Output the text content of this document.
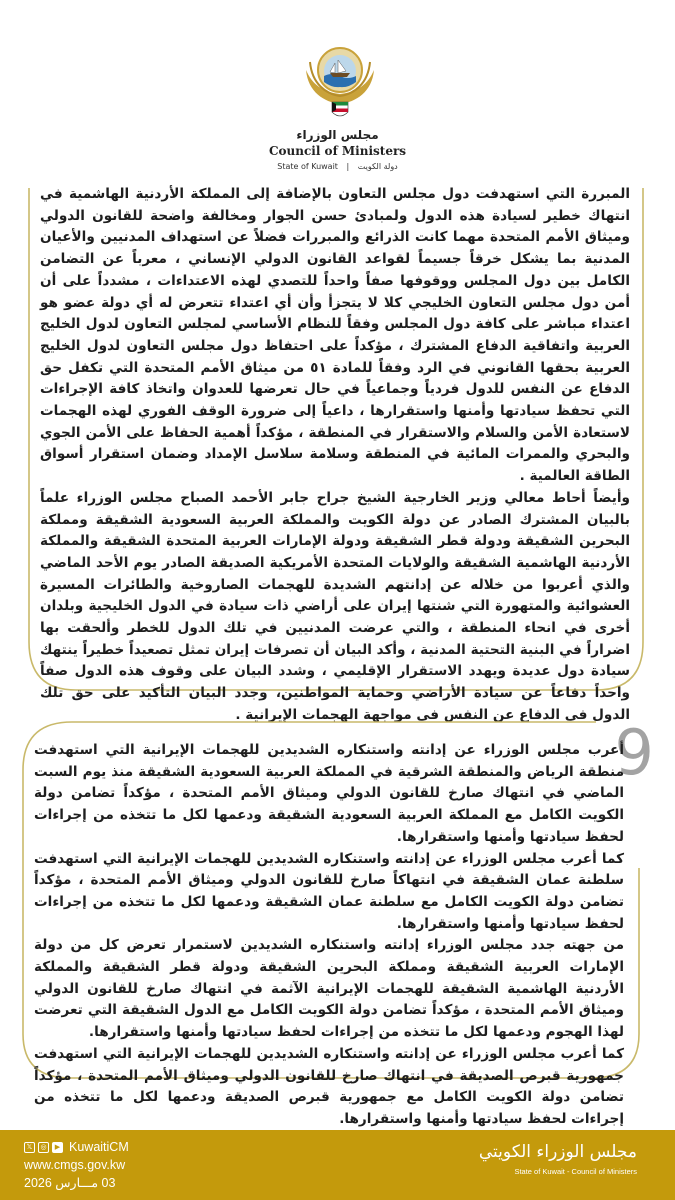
مجلس الوزراء
Council of Ministers
State of Kuwait | دولة الكويت

المبررة التي استهدفت دول مجلس التعاون بالإضافة إلى المملكة الأردنية الهاشمية في انتهاك خطير لسيادة هذه الدول ولمبادئ حسن الجوار ومخالفة واضحة للقانون الدولي وميثاق الأمم المتحدة مهما كانت الذرائع والمبررات فضلاً عن استهداف المدنيين والأعيان المدنية بما يشكل خرقاً جسيماً لقواعد القانون الدولي الإنساني ، معرباً عن التضامن الكامل بين دول المجلس ووقوفها صفاً واحداً للتصدي لهذه الاعتداءات ، مشدداً على أن أمن دول مجلس التعاون الخليجي كلا لا يتجزأ وأن أي اعتداء تتعرض له أي دولة عضو هو اعتداء مباشر على كافة دول المجلس وفقاً للنظام الأساسي لمجلس التعاون لدول الخليج العربية واتفاقية الدفاع المشترك ، مؤكداً على احتفاظ دول مجلس التعاون لدول الخليج العربية بحقها القانوني في الرد وفقاً للمادة ٥١ من ميثاق الأمم المتحدة التي تكفل حق الدفاع عن النفس للدول فردياً وجماعياً في حال تعرضها للعدوان واتخاذ كافة الإجراءات التي تحفظ سيادتها وأمنها واستقرارها ، داعياً إلى ضرورة الوقف الفوري لهذه الهجمات لاستعادة الأمن والسلام والاستقرار في المنطقة ، مؤكداً أهمية الحفاظ على الأمن الجوي والبحري والممرات المائية في المنطقة وسلامة سلاسل الإمداد وضمان استقرار أسواق الطاقة العالمية .

وأيضاً أحاط معالي وزير الخارجية الشيخ جراح جابر الأحمد الصباح مجلس الوزراء علماً بالبيان المشترك الصادر عن دولة الكويت والمملكة العربية السعودية الشقيقة ومملكة البحرين الشقيقة ودولة قطر الشقيقة ودولة الإمارات العربية المتحدة الشقيقة والمملكة الأردنية الهاشمية الشقيقة والولايات المتحدة الأمريكية الصديقة الصادر يوم الأحد الماضي والذي أعربوا من خلاله عن إدانتهم الشديدة للهجمات الصاروخية والطائرات المسيرة العشوائية والمتهورة التي شنتها إيران على أراضي ذات سيادة في الدول الخليجية وبلدان أخرى في انحاء المنطقة ، والتي عرضت المدنيين في تلك الدول للخطر وألحقت بها اضراراً في البنية التحتية المدنية ، وأكد البيان أن تصرفات إيران تمثل تصعيداً خطيراً ينتهك سيادة دول عديدة ويهدد الاستقرار الإقليمي ، وشدد البيان على وقوف هذه الدول صفاً واحداً دفاعاً عن سيادة الأراضي وحماية المواطنين، وجدد البيان التأكيد على حق تلك الدول في الدفاع عن النفس في مواجهة الهجمات الإيرانية .

9

أعرب مجلس الوزراء عن إدانته واستنكاره الشديدين للهجمات الإيرانية التي استهدفت منطقة الرياض والمنطقة الشرقية في المملكة العربية السعودية الشقيقة منذ يوم السبت الماضي في انتهاك صارخ للقانون الدولي وميثاق الأمم المتحدة ، مؤكداً تضامن دولة الكويت الكامل مع المملكة العربية السعودية الشقيقة ودعمها لكل ما تتخذه من إجراءات لحفظ سيادتها وأمنها واستقرارها.

كما أعرب مجلس الوزراء عن إدانته واستنكاره الشديدين للهجمات الإيرانية التي استهدفت سلطنة عمان الشقيقة في انتهاكاً صارخ للقانون الدولي وميثاق الأمم المتحدة ، مؤكداً تضامن دولة الكويت الكامل مع سلطنة عمان الشقيقة ودعمها لكل ما تتخذه من إجراءات لحفظ سيادتها وأمنها واستقرارها.

من جهته جدد مجلس الوزراء إدانته واستنكاره الشديدين لاستمرار تعرض كل من دولة الإمارات العربية الشقيقة ومملكة البحرين الشقيقة ودولة قطر الشقيقة والمملكة الأردنية الهاشمية الشقيقة للهجمات الإيرانية الآثمة في انتهاك صارخ للقانون الدولي وميثاق الأمم المتحدة ، مؤكداً تضامن دولة الكويت الكامل مع الدول الشقيقة التي تعرضت لهذا الهجوم ودعمها لكل ما تتخذه من إجراءات لحفظ سيادتها وأمنها واستقرارها.

كما أعرب مجلس الوزراء عن إدانته واستنكاره الشديدين للهجمات الإيرانية التي استهدفت جمهورية قبرص الصديقة في انتهاك صارخ للقانون الدولي وميثاق الأمم المتحدة ، مؤكداً تضامن دولة الكويت الكامل مع جمهورية قبرص الصديقة ودعمها لكل ما تتخذه من إجراءات لحفظ سيادتها وأمنها واستقرارها.

𝕏	◎	▶ KuwaitiCM
www.cmgs.gov.kw
03 مـــارس 2026
مجلس الوزراء الكويتي
State of Kuwait - Council of Ministers
